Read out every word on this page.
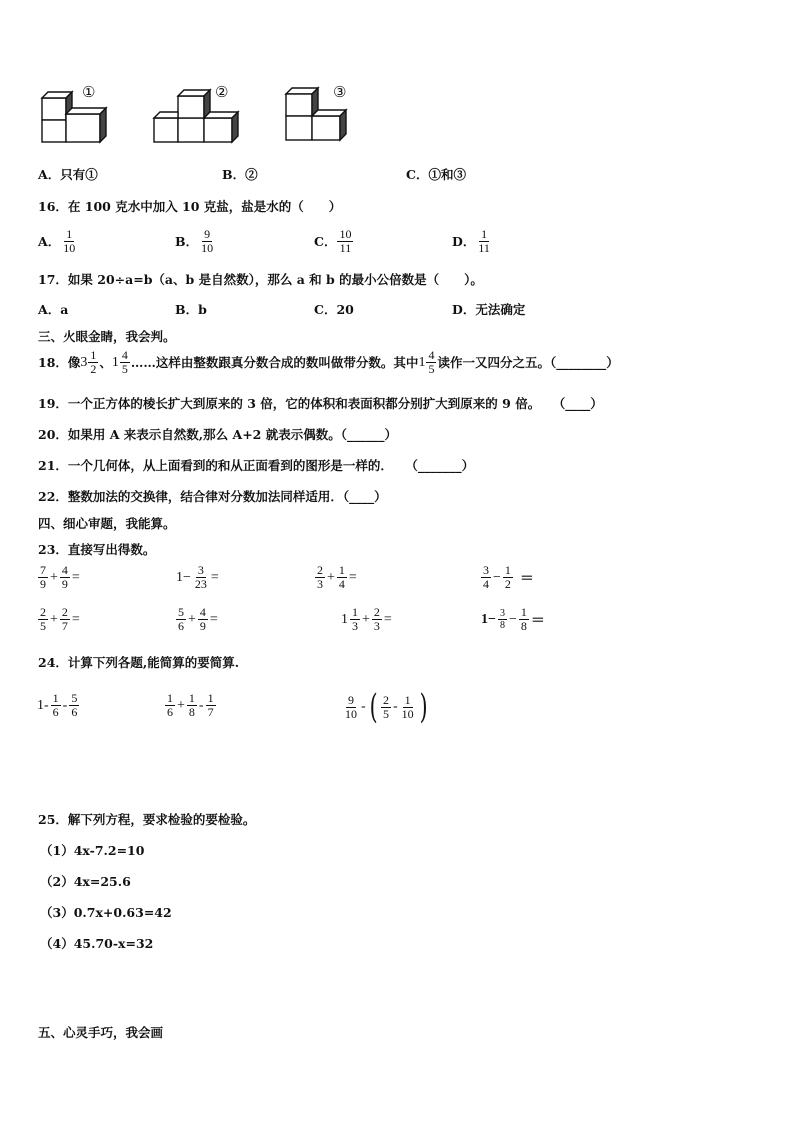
①	②	③
A．只有①	B．②	C．①和③
16．在 100 克水中加入 10 克盐，盐是水的（　　）
A． $\frac{1}{10}$	B． $\frac{9}{10}$	C． $\frac{10}{11}$	D． $\frac{1}{11}$
17．如果 20÷a=b（a、b 是自然数），那么 a 和 b 的最小公倍数是（　　）。
A．a	B．b	C．20	D．无法确定
三、火眼金睛，我会判。
18．像 $3 \frac{1}{2}$ 、 $1 \frac{4}{5}$ ……这样由整数跟真分数合成的数叫做带分数。其中 $1 \frac{4}{5}$ 读作一又四分之五。（________）
19．一个正方体的棱长扩大到原来的 3 倍，它的体积和表面积都分别扩大到原来的 9 倍。　　（____）
20．如果用 A 来表示自然数,那么 A+2 就表示偶数。（______）
21．一个几何体，从上面看到的和从正面看到的图形是一样的．　　（_______）
22．整数加法的交换律，结合律对分数加法同样适用．（____）
四、细心审题，我能算。
23．直接写出得数。
$\frac{7}{9} + \frac{4}{9}$ =	$1- \frac{3}{23}$ =	$\frac{2}{3} + \frac{1}{4}$ =	$\frac{3}{4} - \frac{1}{2}$ ＝
$\frac{2}{5} + \frac{2}{7}$ =	$\frac{5}{6} + \frac{4}{9}$ =	$1 \frac{1}{3} + \frac{2}{3}$ =	$1- \frac{3}{8} - \frac{1}{8}$ ＝
24．计算下列各题,能简算的要简算.
$1- \frac{1}{6} - \frac{5}{6}$	$\frac{1}{6} + \frac{1}{8} - \frac{1}{7}$	$\frac{9}{10}$ - ( $\frac{2}{5} - \frac{1}{10}$ )
25．解下列方程，要求检验的要检验。
（1）4x-7.2=10
（2）4x=25.6
（3）0.7x+0.63=42
（4）45.70-x=32
五、心灵手巧，我会画
